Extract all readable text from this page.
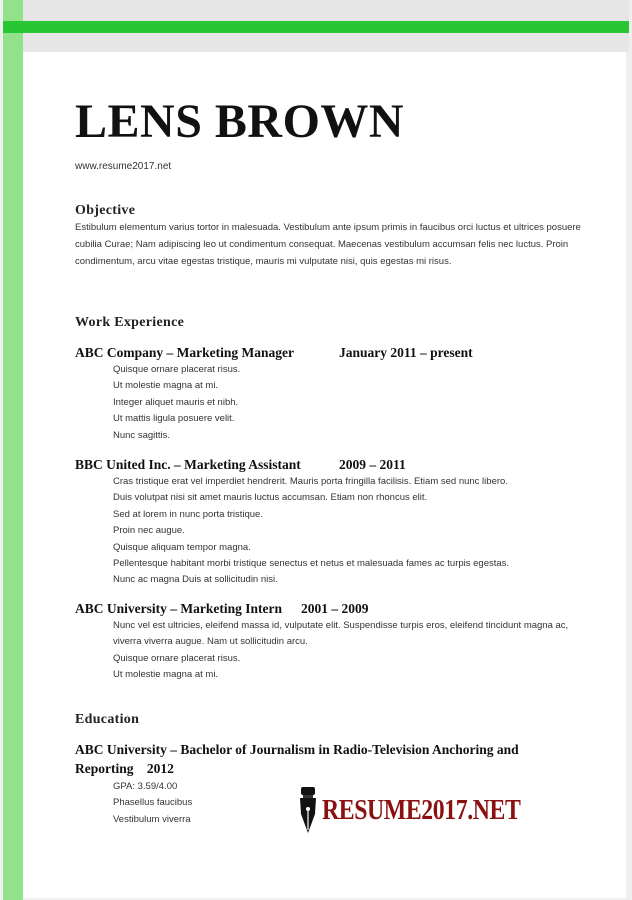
LENS BROWN
www.resume2017.net
Objective

Estibulum elementum varius tortor in malesuada. Vestibulum ante ipsum primis in faucibus orci luctus et ultrices posuere cubilia Curae; Nam adipiscing leo ut condimentum consequat. Maecenas vestibulum accumsan felis nec luctus. Proin condimentum, arcu vitae egestas tristique, mauris mi vulputate nisi, quis egestas mi risus.

Work Experience
ABC Company – Marketing Manager	January 2011 – present
Quisque ornare placerat risus.
Ut molestie magna at mi.
Integer aliquet mauris et nibh.
Ut mattis ligula posuere velit.
Nunc sagittis.
BBC United Inc. – Marketing Assistant	2009 – 2011
Cras tristique erat vel imperdiet hendrerit. Mauris porta fringilla facilisis. Etiam sed nunc libero.
Duis volutpat nisi sit amet mauris luctus accumsan. Etiam non rhoncus elit.
Sed at lorem in nunc porta tristique.
Proin nec augue.
Quisque aliquam tempor magna.
Pellentesque habitant morbi tristique senectus et netus et malesuada fames ac turpis egestas.
Nunc ac magna Duis at sollicitudin nisi.
ABC University – Marketing Intern 2001 – 2009
Nunc vel est ultricies, eleifend massa id, vulputate elit. Suspendisse turpis eros, eleifend tincidunt magna ac, viverra viverra augue. Nam ut sollicitudin arcu.
Quisque ornare placerat risus.
Ut molestie magna at mi.
Education
ABC University – Bachelor of Journalism in Radio-Television Anchoring and
Reporting 2012
GPA: 3.59/4.00
Phasellus faucibus
Vestibulum viverra	RESUME2017.NET
